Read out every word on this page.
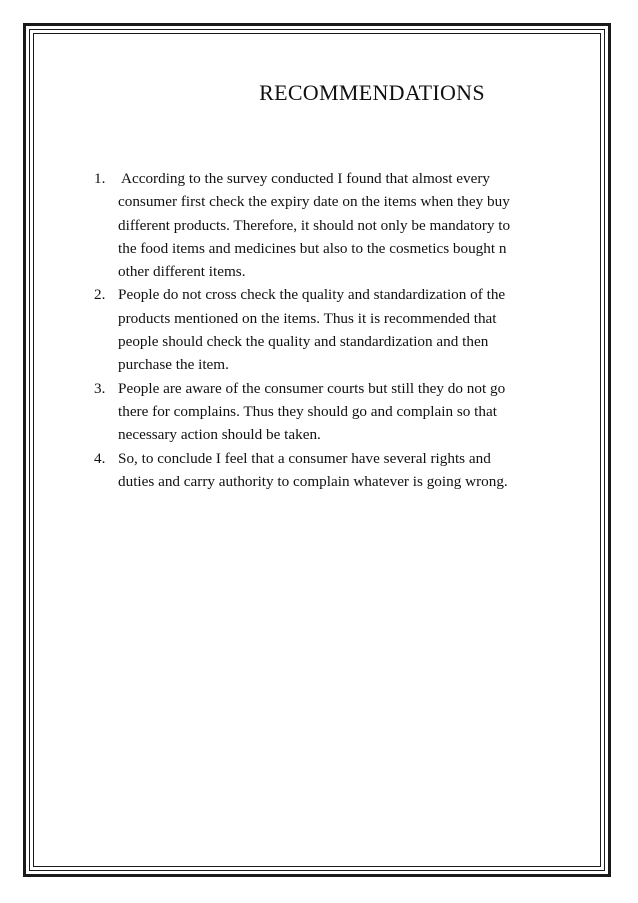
RECOMMENDATIONS
1. According to the survey conducted I found that almost every
consumer first check the expiry date on the items when they buy
different products. Therefore, it should not only be mandatory to
the food items and medicines but also to the cosmetics bought n
other different items.
2. People do not cross check the quality and standardization of the
products mentioned on the items. Thus it is recommended that
people should check the quality and standardization and then
purchase the item.
3. People are aware of the consumer courts but still they do not go
there for complains. Thus they should go and complain so that
necessary action should be taken.
4. So, to conclude I feel that a consumer have several rights and
duties and carry authority to complain whatever is going wrong.
